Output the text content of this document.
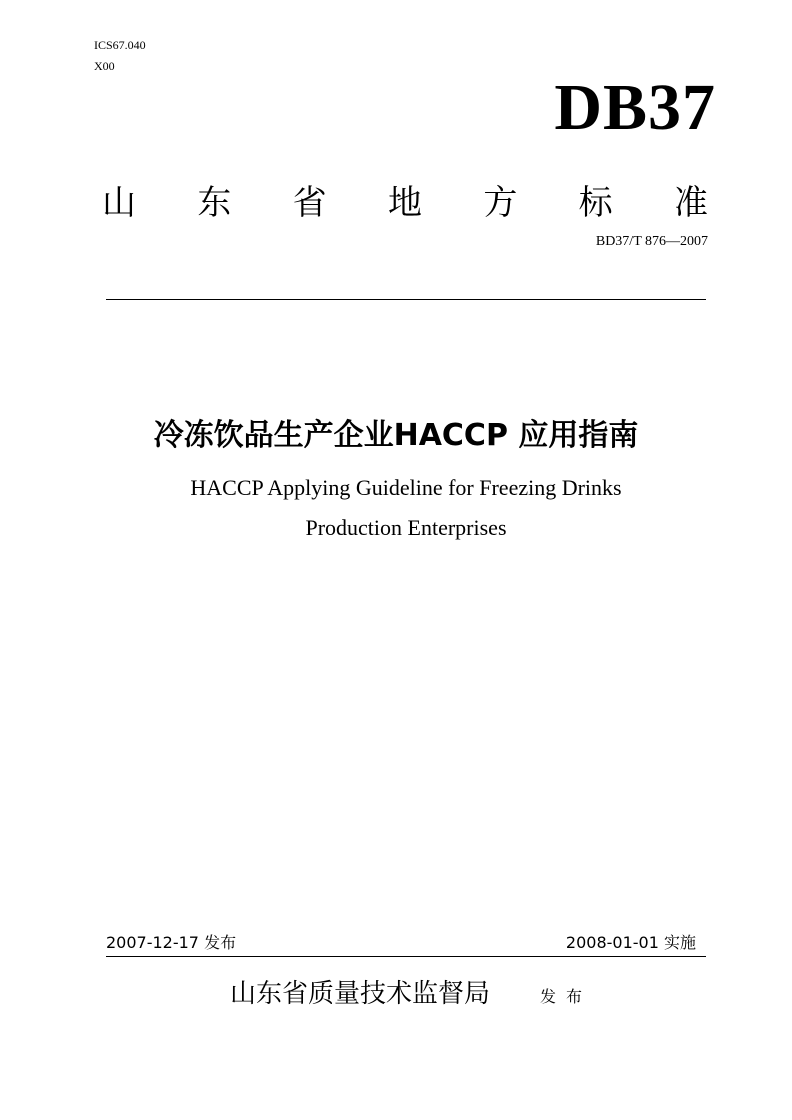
ICS67.040
X00
DB37
山 东 省 地 方 标 准
BD37/T 876—2007
冷冻饮品生产企业HACCP 应用指南
HACCP Applying Guideline for Freezing Drinks
Production Enterprises
2007-12-17 发布	2008-01-01 实施
山东省质量技术监督局	发布
